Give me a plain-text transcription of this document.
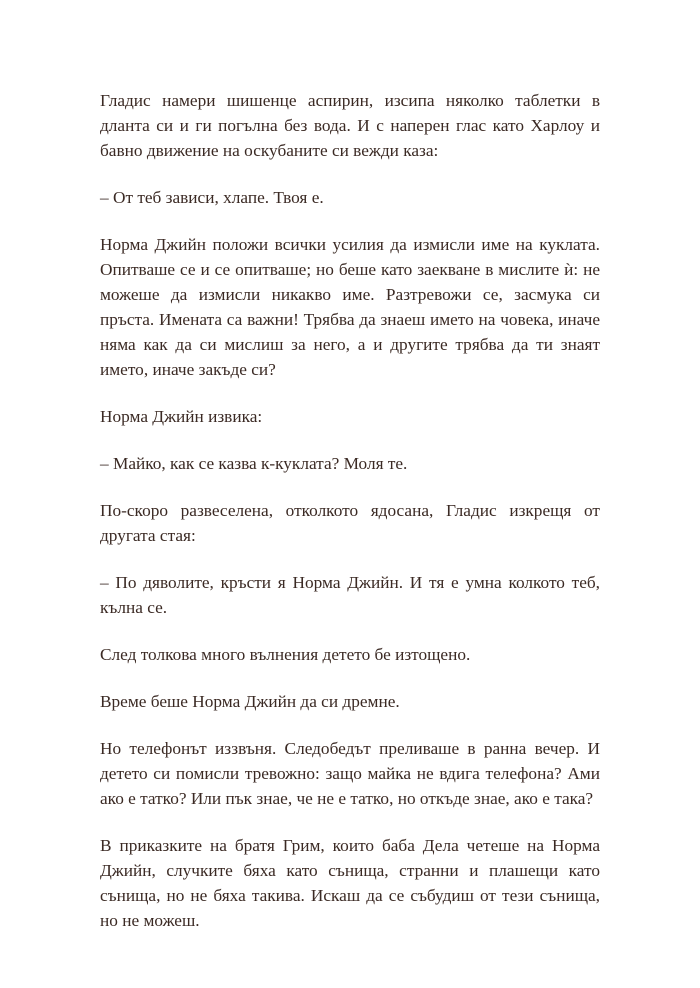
Гладис намери шишенце аспирин, изсипа няколко таблетки в дланта си и ги погълна без вода. И с наперен глас като Харлоу и бавно движение на оскубаните си вежди каза:

– От теб зависи, хлапе. Твоя е.

Норма Джийн положи всички усилия да измисли име на куклата. Опитваше се и се опитваше; но беше като заекване в мислите ѝ: не можеше да измисли никакво име. Разтревожи се, засмука си пръста. Имената са важни! Трябва да знаеш името на човека, иначе няма как да си мислиш за него, а и другите трябва да ти знаят името, иначе закъде си?

Норма Джийн извика:

– Майко, как се казва к-куклата? Моля те.

По-скоро развеселена, отколкото ядосана, Гладис изкрещя от другата стая:

– По дяволите, кръсти я Норма Джийн. И тя е умна колкото теб, кълна се.

След толкова много вълнения детето бе изтощено.

Време беше Норма Джийн да си дремне.

Но телефонът иззвъня. Следобедът преливаше в ранна вечер. И детето си помисли тревожно: защо майка не вдига телефона? Ами ако е татко? Или пък знае, че не е татко, но откъде знае, ако е така?

В приказките на братя Грим, които баба Дела четеше на Норма Джийн, случките бяха като сънища, странни и плашещи като сънища, но не бяха такива. Искаш да се събудиш от тези сънища, но не можеш.
